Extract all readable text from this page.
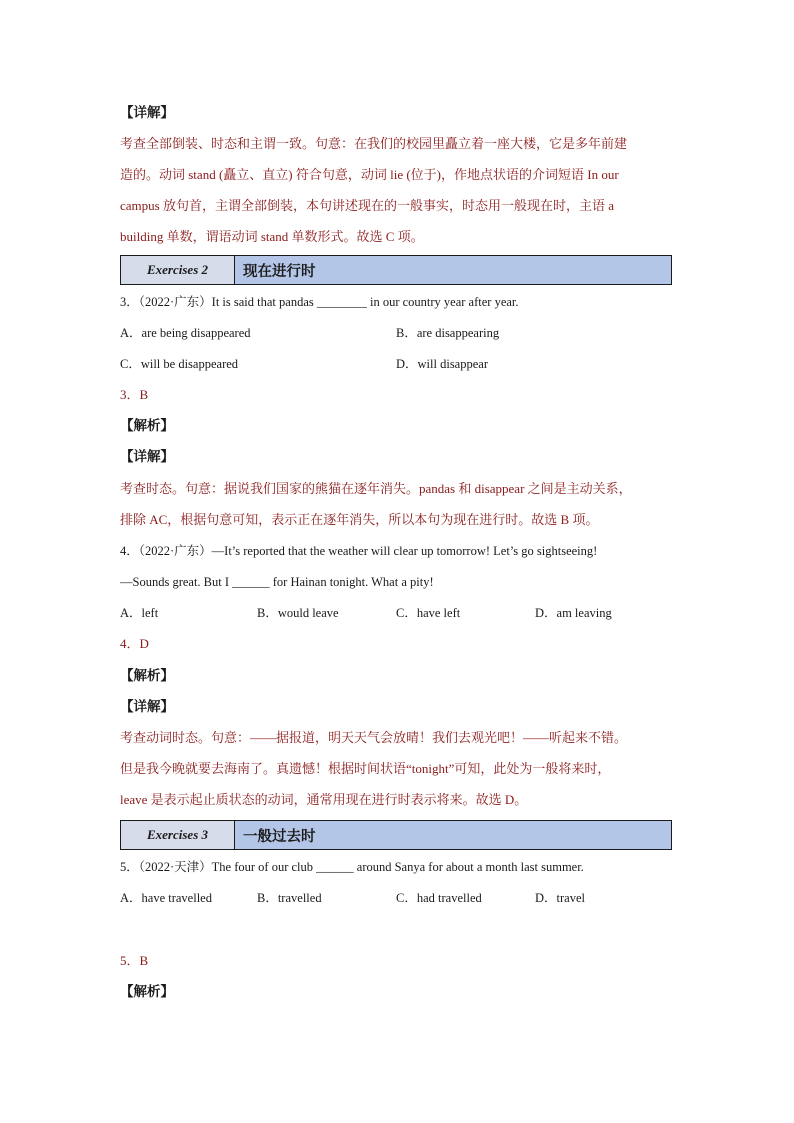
【详解】
考查全部倒装、时态和主谓一致。句意：在我们的校园里矗立着一座大楼，它是多年前建
造的。动词 stand (矗立、直立) 符合句意，动词 lie (位于)，作地点状语的介词短语 In our
campus 放句首，主谓全部倒装，本句讲述现在的一般事实，时态用一般现在时，主语 a
building 单数，谓语动词 stand 单数形式。故选 C 项。
Exercises 2	现在进行时
3．（2022·广东）It is said that pandas ________ in our country year after year.
A．are being disappeared	B．are disappearing
C．will be disappeared	D．will disappear
3．B
【解析】
【详解】
考查时态。句意：据说我们国家的熊猫在逐年消失。pandas 和 disappear 之间是主动关系，
排除 AC，根据句意可知，表示正在逐年消失，所以本句为现在进行时。故选 B 项。
4．（2022·广东）—It’s reported that the weather will clear up tomorrow! Let’s go sightseeing!
—Sounds great. But I ______ for Hainan tonight. What a pity!
A．left	B．would leave	C．have left	D．am leaving
4．D
【解析】
【详解】
考查动词时态。句意：——据报道，明天天气会放晴！我们去观光吧！——听起来不错。
但是我今晚就要去海南了。真遗憾！根据时间状语“tonight”可知，此处为一般将来时，
leave 是表示起止质状态的动词，通常用现在进行时表示将来。故选 D。
Exercises 3	一般过去时
5．（2022·天津）The four of our club ______ around Sanya for about a month last summer.
A．have travelled	B．travelled	C．had travelled	D．travel
5．B
【解析】
